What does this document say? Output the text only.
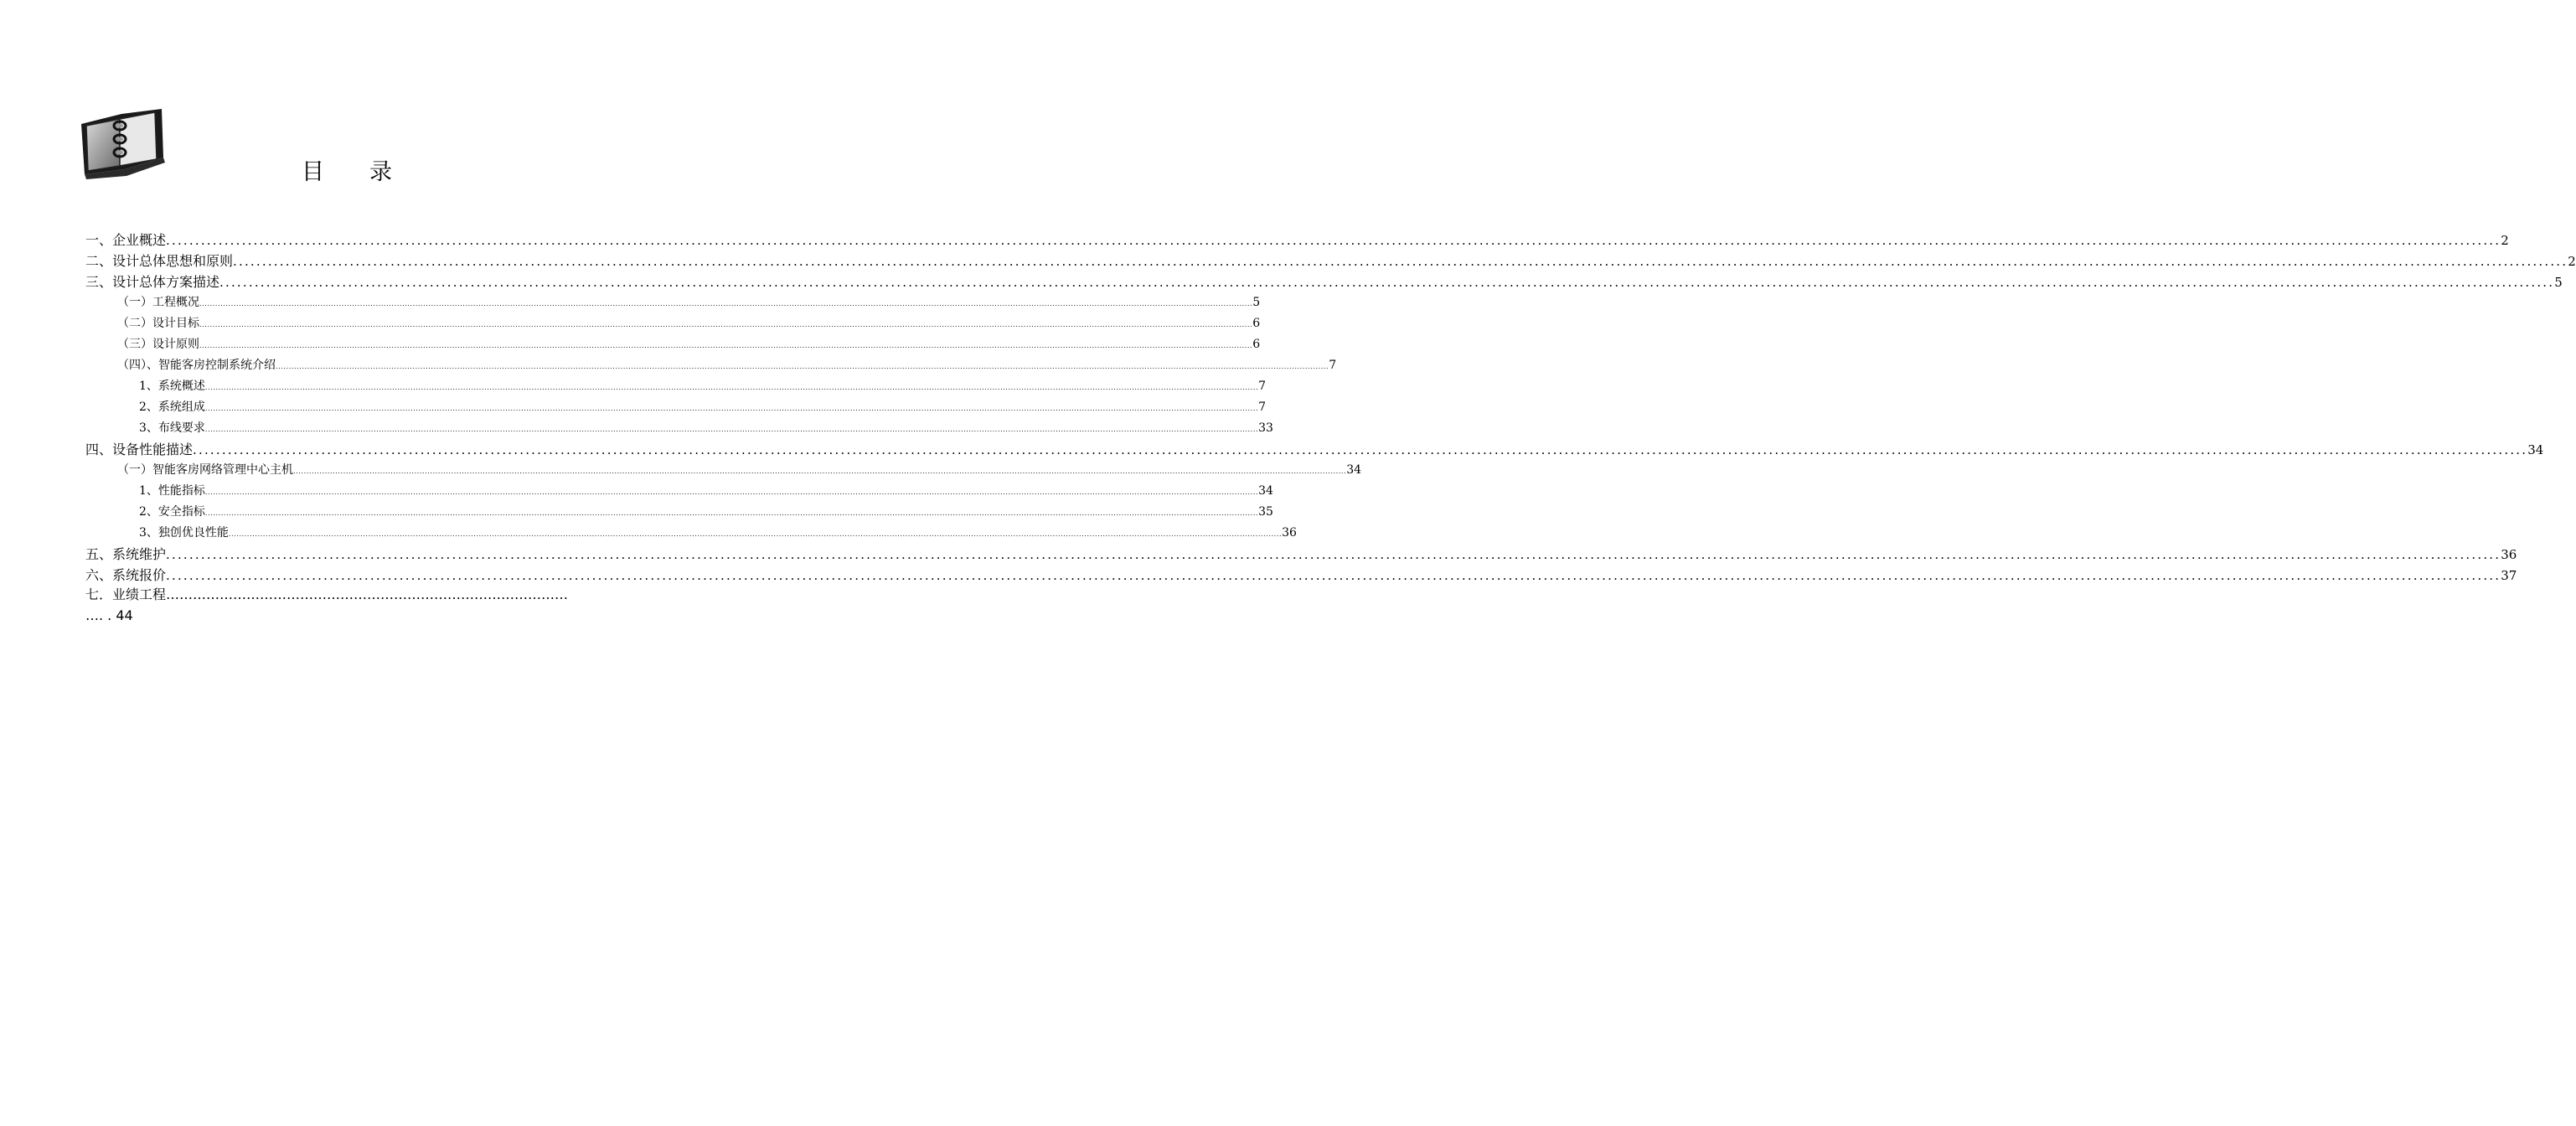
目　　录
一、企业概述 ................................................................................................................................................................................................................................................................................................................................................................................................................ 2
二、设计总体思想和原则 ................................................................................................................................................................................................................................................................................................................................................................................................................ 2
三、设计总体方案描述 ................................................................................................................................................................................................................................................................................................................................................................................................................ 5
（一）工程概况 ................................................................................................................................................................................................................................................................................................................................................................................................................ 5
（二）设计目标 ................................................................................................................................................................................................................................................................................................................................................................................................................ 6
（三）设计原则 ................................................................................................................................................................................................................................................................................................................................................................................................................ 6
（四）、智能客房控制系统介绍 ................................................................................................................................................................................................................................................................................................................................................................................................................ 7
1、系统概述 ................................................................................................................................................................................................................................................................................................................................................................................................................ 7
2、系统组成 ................................................................................................................................................................................................................................................................................................................................................................................................................ 7
3、布线要求 ................................................................................................................................................................................................................................................................................................................................................................................................................ 33
四、设备性能描述 ................................................................................................................................................................................................................................................................................................................................................................................................................ 34
（一）智能客房网络管理中心主机 ................................................................................................................................................................................................................................................................................................................................................................................................................ 34
1、性能指标 ................................................................................................................................................................................................................................................................................................................................................................................................................ 34
2、安全指标 ................................................................................................................................................................................................................................................................................................................................................................................................................ 35
3、独创优良性能 ................................................................................................................................................................................................................................................................................................................................................................................................................ 36
五、系统维护 ................................................................................................................................................................................................................................................................................................................................................................................................................ 36
六、系统报价 ................................................................................................................................................................................................................................................................................................................................................................................................................ 37
七．业绩工程………………………………………………………………………………
…. . 44
